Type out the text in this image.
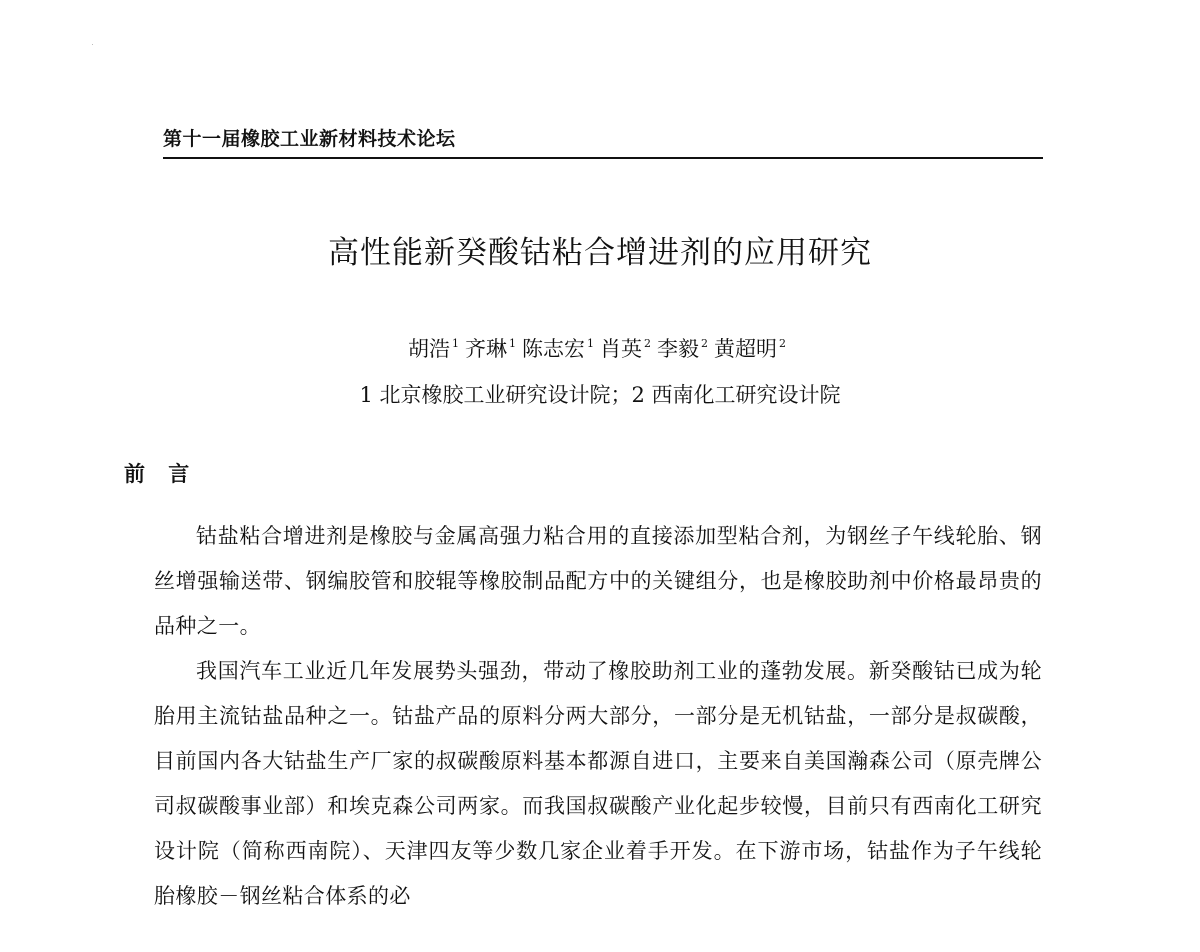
第十一届橡胶工业新材料技术论坛
高性能新癸酸钴粘合增进剂的应用研究
胡浩 $^1$ 齐琳 $^1$ 陈志宏 $^1$ 肖英 $^2$ 李毅 $^2$ 黄超明 $^2$
1 北京橡胶工业研究设计院；2 西南化工研究设计院
前 言

钴盐粘合增进剂是橡胶与金属高强力粘合用的直接添加型粘合剂，为钢丝子午线轮胎、钢丝增强输送带、钢编胶管和胶辊等橡胶制品配方中的关键组分，也是橡胶助剂中价格最昂贵的品种之一。

我国汽车工业近几年发展势头强劲，带动了橡胶助剂工业的蓬勃发展。新癸酸钴已成为轮胎用主流钴盐品种之一。钴盐产品的原料分两大部分，一部分是无机钴盐，一部分是叔碳酸，目前国内各大钴盐生产厂家的叔碳酸原料基本都源自进口，主要来自美国瀚森公司（原壳牌公司叔碳酸事业部）和埃克森公司两家。而我国叔碳酸产业化起步较慢，目前只有西南化工研究设计院（简称西南院）、天津四友等少数几家企业着手开发。在下游市场，钴盐作为子午线轮胎橡胶－钢丝粘合体系的必
